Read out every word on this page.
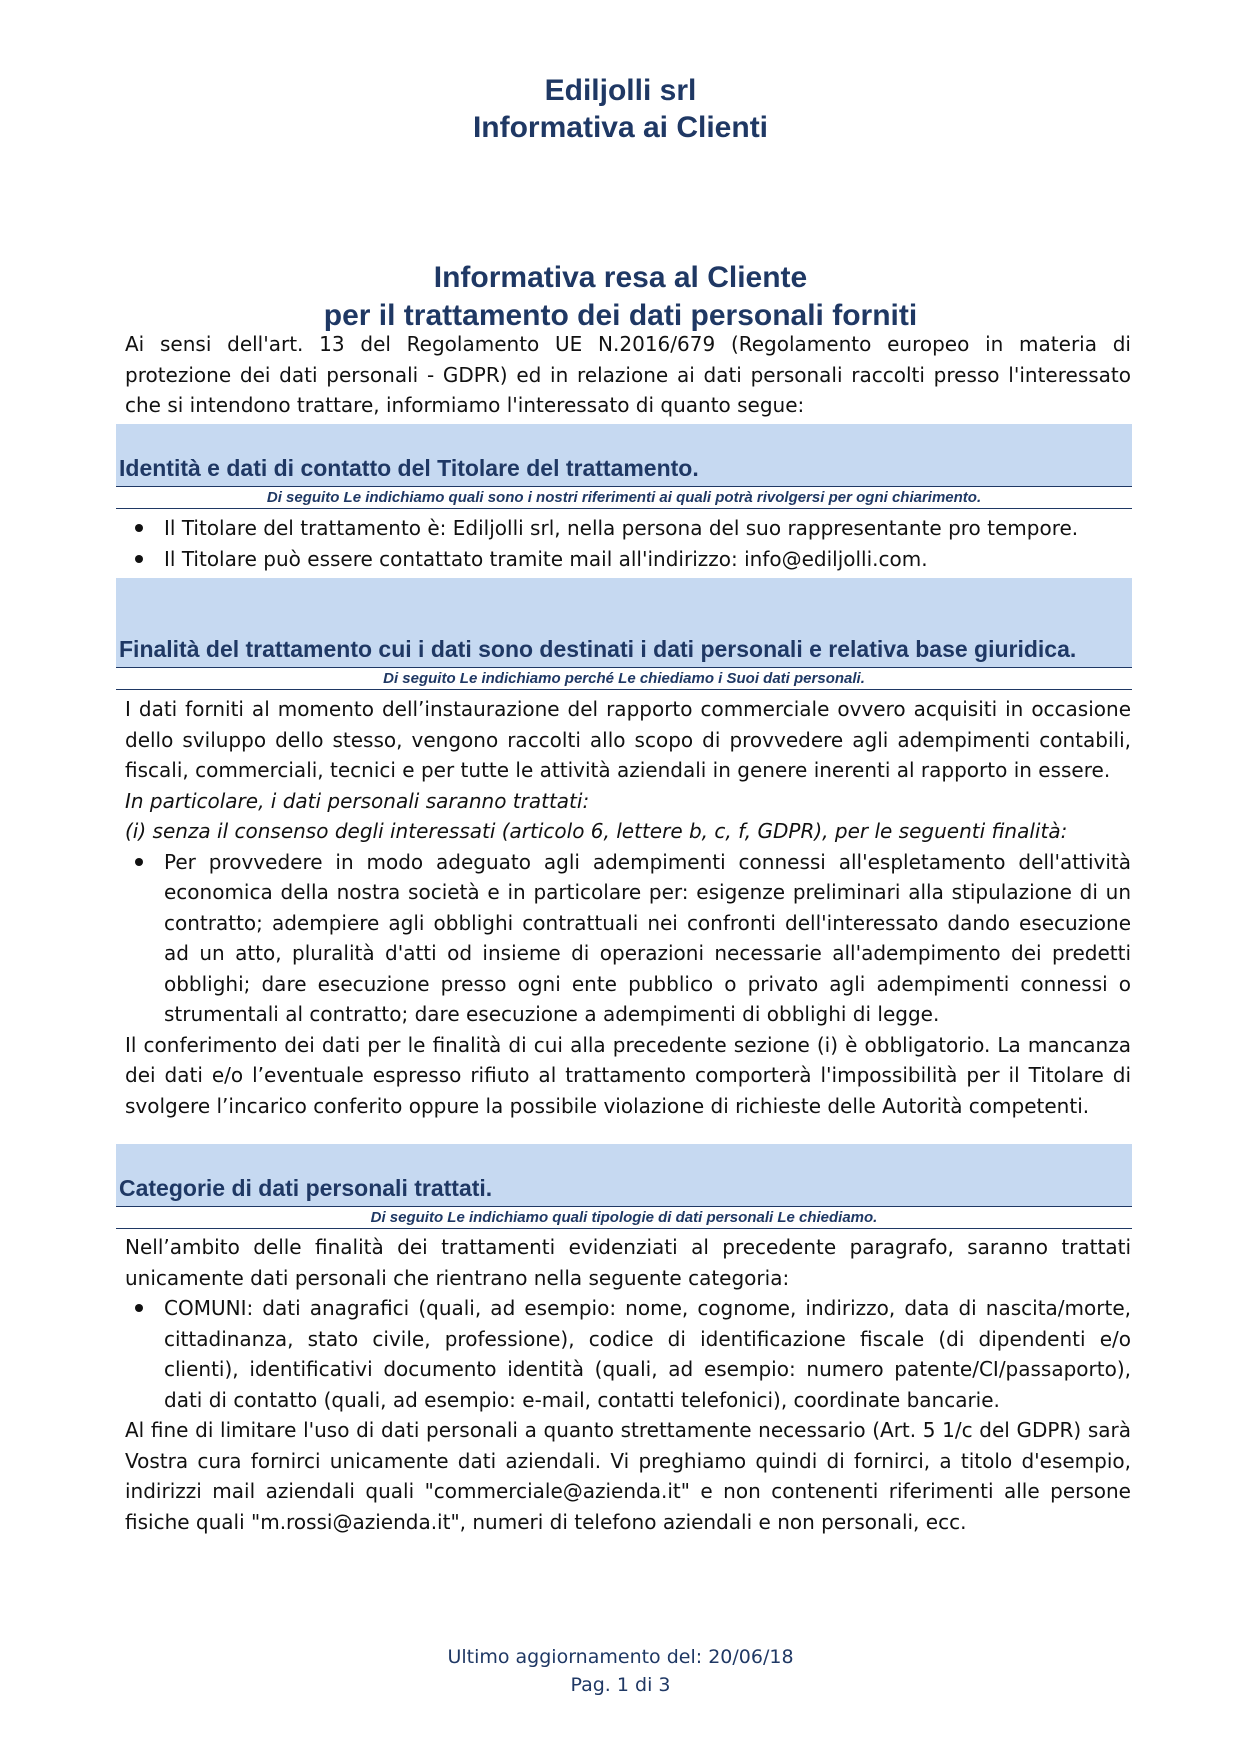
Ediljolli srl
Informativa ai Clienti
Informativa resa al Cliente
per il trattamento dei dati personali forniti

Ai sensi dell'art. 13 del Regolamento UE N.2016/679 (Regolamento europeo in materia di

protezione dei dati personali - GDPR) ed in relazione ai dati personali raccolti presso l'interessato

che si intendono trattare, informiamo l'interessato di quanto segue:

Identità e dati di contatto del Titolare del trattamento.
Di seguito Le indichiamo quali sono i nostri riferimenti ai quali potrà rivolgersi per ogni chiarimento.
Il Titolare del trattamento è: Ediljolli srl, nella persona del suo rappresentante pro tempore.
Il Titolare può essere contattato tramite mail all'indirizzo: info@ediljolli.com.
Finalità del trattamento cui i dati sono destinati i dati personali e relativa base giuridica.
Di seguito Le indichiamo perché Le chiediamo i Suoi dati personali.

I dati forniti al momento dell’instaurazione del rapporto commerciale ovvero acquisiti in occasione dello sviluppo dello stesso, vengono raccolti allo scopo di provvedere agli adempimenti contabili, fiscali, commerciali, tecnici e per tutte le attività aziendali in genere inerenti al rapporto in essere.

In particolare, i dati personali saranno trattati:

(i) senza il consenso degli interessati (articolo 6, lettere b, c, f, GDPR), per le seguenti finalità:

Per provvedere in modo adeguato agli adempimenti connessi all'espletamento dell'attività economica della nostra società e in particolare per: esigenze preliminari alla stipulazione di un contratto; adempiere agli obblighi contrattuali nei confronti dell'interessato dando esecuzione ad un atto, pluralità d'atti od insieme di operazioni necessarie all'adempimento dei predetti obblighi; dare esecuzione presso ogni ente pubblico o privato agli adempimenti connessi o strumentali al contratto; dare esecuzione a adempimenti di obblighi di legge.

Il conferimento dei dati per le finalità di cui alla precedente sezione (i) è obbligatorio. La mancanza dei dati e/o l’eventuale espresso rifiuto al trattamento comporterà l'impossibilità per il Titolare di svolgere l’incarico conferito oppure la possibile violazione di richieste delle Autorità competenti.

Categorie di dati personali trattati.
Di seguito Le indichiamo quali tipologie di dati personali Le chiediamo.

Nell’ambito delle finalità dei trattamenti evidenziati al precedente paragrafo, saranno trattati unicamente dati personali che rientrano nella seguente categoria:

COMUNI: dati anagrafici (quali, ad esempio: nome, cognome, indirizzo, data di nascita/morte, cittadinanza, stato civile, professione), codice di identificazione fiscale (di dipendenti e/o clienti), identificativi documento identità (quali, ad esempio: numero patente/CI/passaporto), dati di contatto (quali, ad esempio: e-mail, contatti telefonici), coordinate bancarie.

Al fine di limitare l'uso di dati personali a quanto strettamente necessario (Art. 5 1/c del GDPR) sarà Vostra cura fornirci unicamente dati aziendali. Vi preghiamo quindi di fornirci, a titolo d'esempio, indirizzi mail aziendali quali "commerciale@azienda.it" e non contenenti riferimenti alle persone fisiche quali "m.rossi@azienda.it", numeri di telefono aziendali e non personali, ecc.

Ultimo aggiornamento del: 20/06/18
Pag. 1 di 3
